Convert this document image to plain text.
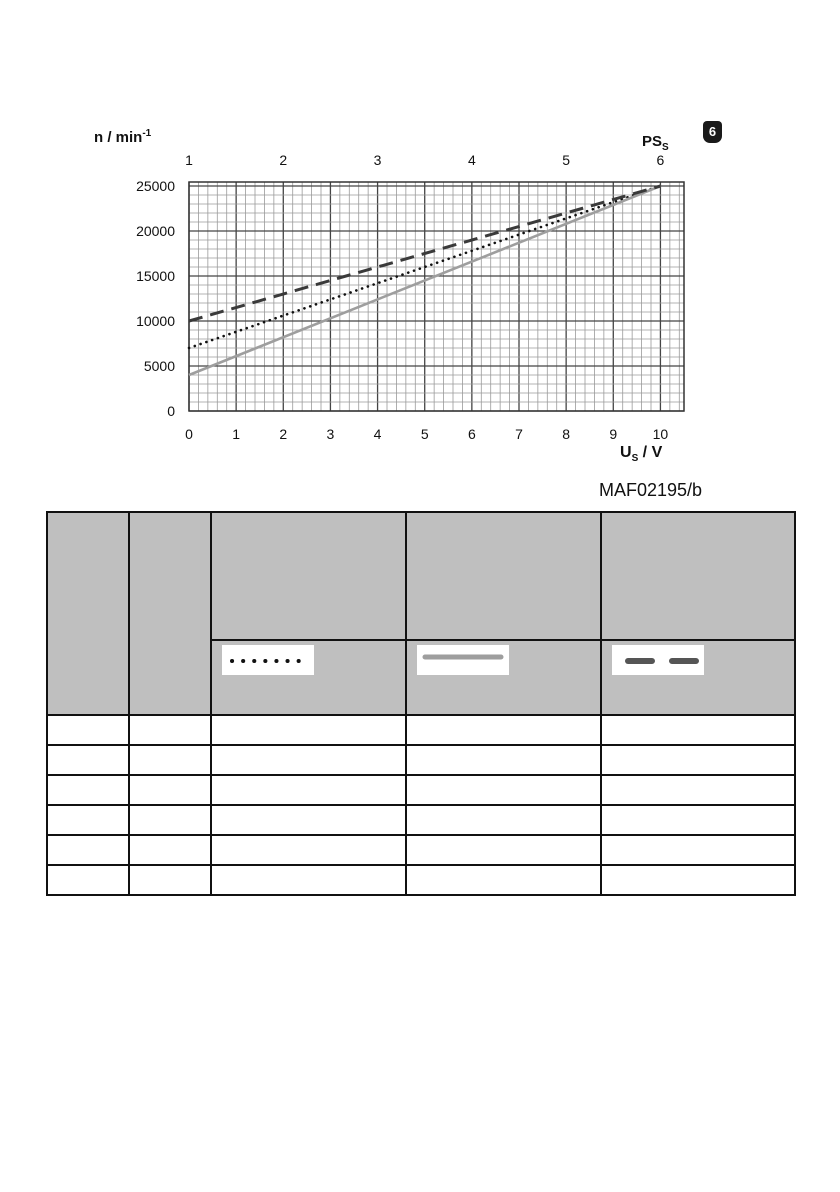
0	1	2	3	4	5	6	7	8	9	10
0
5000
10000
15000
20000
25000
1	2	3	4	5	6
n / $\min^{-1}$	$PS_S$
6
$U_S$ / V
MAF02195/b
